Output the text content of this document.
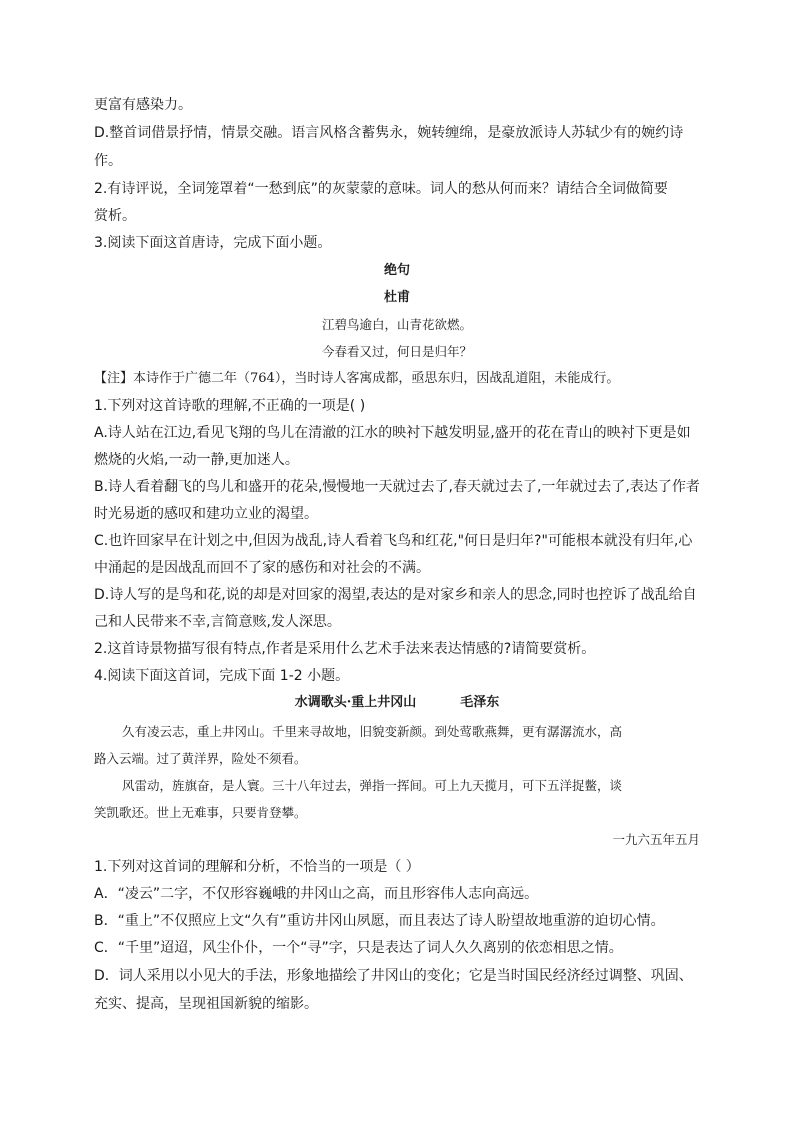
更富有感染力。
D.整首词借景抒情，情景交融。语言风格含蓄隽永，婉转缠绵，是豪放派诗人苏轼少有的婉约诗
作。
2.有诗评说，全词笼罩着“一愁到底”的灰蒙蒙的意味。词人的愁从何而来？请结合全词做简要
赏析。
3.阅读下面这首唐诗，完成下面小题。
绝句
杜甫
江碧鸟逾白，山青花欲燃。
今春看又过，何日是归年？
【注】本诗作于广德二年（764），当时诗人客寓成都，亟思东归，因战乱道阻，未能成行。
1.下列对这首诗歌的理解,不正确的一项是( )
A.诗人站在江边,看见飞翔的鸟儿在清澈的江水的映衬下越发明显,盛开的花在青山的映衬下更是如
燃烧的火焰,一动一静,更加迷人。
B.诗人看着翻飞的鸟儿和盛开的花朵,慢慢地一天就过去了,春天就过去了,一年就过去了,表达了作者
时光易逝的感叹和建功立业的渴望。
C.也许回家早在计划之中,但因为战乱,诗人看着飞鸟和红花,"何日是归年?"可能根本就没有归年,心
中涌起的是因战乱而回不了家的感伤和对社会的不满。
D.诗人写的是鸟和花,说的却是对回家的渴望,表达的是对家乡和亲人的思念,同时也控诉了战乱给自
己和人民带来不幸,言简意赅,发人深思。
2.这首诗景物描写很有特点,作者是采用什么艺术手法来表达情感的?请简要赏析。
4.阅读下面这首词，完成下面 1-2 小题。
水调歌头·重上井冈山	毛泽东
久有凌云志，重上井冈山。千里来寻故地，旧貌变新颜。到处莺歌燕舞，更有潺潺流水，高
路入云端。过了黄洋界，险处不须看。
风雷动，旌旗奋，是人寰。三十八年过去，弹指一挥间。可上九天揽月，可下五洋捉鳖，谈
笑凯歌还。世上无难事，只要肯登攀。
一九六五年五月
1.下列对这首词的理解和分析，不恰当的一项是（ ）
A．“凌云”二字，不仅形容巍峨的井冈山之高，而且形容伟人志向高远。
B．“重上”不仅照应上文“久有”重访井冈山夙愿，而且表达了诗人盼望故地重游的迫切心情。
C．“千里”迢迢，风尘仆仆，一个“寻”字，只是表达了词人久久离别的依恋相思之情。
D．词人采用以小见大的手法，形象地描绘了井冈山的变化；它是当时国民经济经过调整、巩固、
充实、提高，呈现祖国新貌的缩影。
